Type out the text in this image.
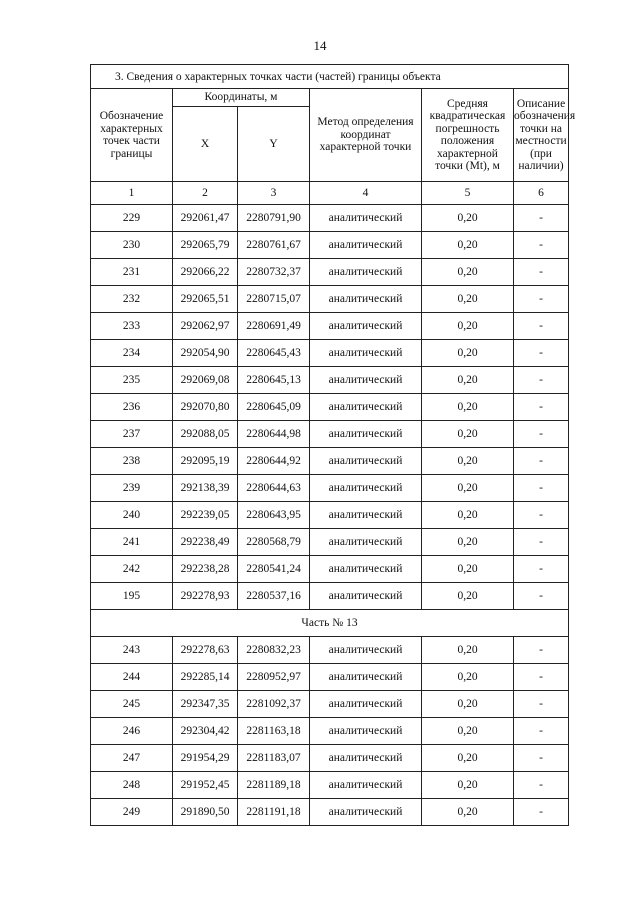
14
3. Сведения о характерных точках части (частей) границы объекта					
Обозначение характерных точек части границы	Координаты, м		Метод определения координат характерной точки	Средняя квадратическая погрешность положения характерной точки (Mt), м	Описание обозначения точки на местности (при наличии)
	X	Y			
1	2	3	4	5	6
229	292061,47	2280791,90	аналитический	0,20	-
230	292065,79	2280761,67	аналитический	0,20	-
231	292066,22	2280732,37	аналитический	0,20	-
232	292065,51	2280715,07	аналитический	0,20	-
233	292062,97	2280691,49	аналитический	0,20	-
234	292054,90	2280645,43	аналитический	0,20	-
235	292069,08	2280645,13	аналитический	0,20	-
236	292070,80	2280645,09	аналитический	0,20	-
237	292088,05	2280644,98	аналитический	0,20	-
238	292095,19	2280644,92	аналитический	0,20	-
239	292138,39	2280644,63	аналитический	0,20	-
240	292239,05	2280643,95	аналитический	0,20	-
241	292238,49	2280568,79	аналитический	0,20	-
242	292238,28	2280541,24	аналитический	0,20	-
195	292278,93	2280537,16	аналитический	0,20	-
Часть № 13					
243	292278,63	2280832,23	аналитический	0,20	-
244	292285,14	2280952,97	аналитический	0,20	-
245	292347,35	2281092,37	аналитический	0,20	-
246	292304,42	2281163,18	аналитический	0,20	-
247	291954,29	2281183,07	аналитический	0,20	-
248	291952,45	2281189,18	аналитический	0,20	-
249	291890,50	2281191,18	аналитический	0,20	-
